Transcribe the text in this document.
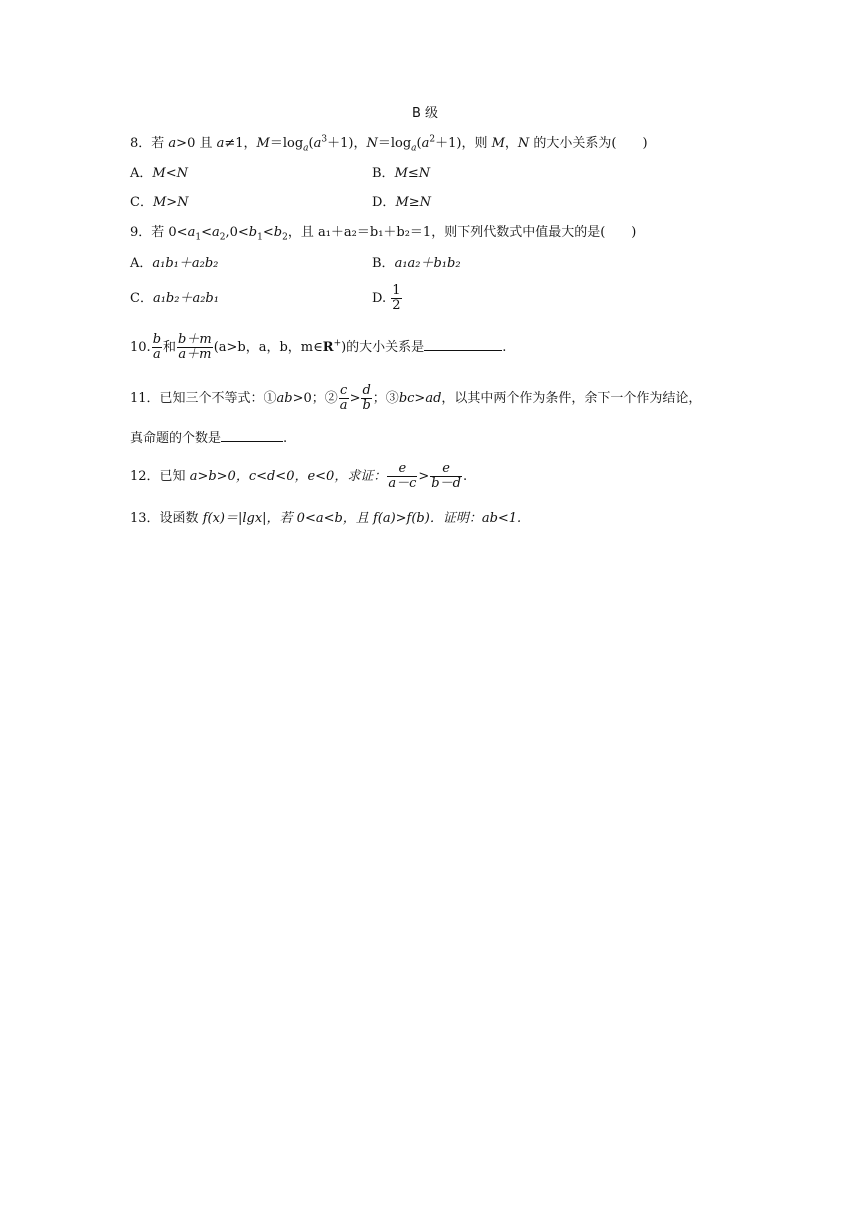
B 级
8．若 a>0 且 a≠1，$M=\log_a(a^3+1)$，$N=\log_a(a^2+1)$，则 M，N 的大小关系为(　　)
A．M<N	B．M≤N
C．M>N	D．M≥N
9．若 $0<a_1<a_2,0<b_1<b_2$，且 a₁＋a₂＝b₁＋b₂＝1，则下列代数式中值最大的是(　　)
A．a₁b₁＋a₂b₂	B．a₁a₂＋b₁b₂
C．a₁b₂＋a₂b₁	D. $\frac{1}{2}$
10. $\frac{b}{a}$ 和 $\frac{b+m}{a+m} (a>b$，a，b，m∈R+)的大小关系是	.
11．已知三个不等式：①ab>0；② $\frac{c}{a} > \frac{d}{b}$ ；③bc>ad，以其中两个作为条件，余下一个作为结论，
真命题的个数是	.
12．已知 a>b>0，c<d<0，e<0，求证： $\frac{e}{a-c} > \frac{e}{b-d}$ .
13．设函数 f(x)＝|lgx|，若 0<a<b，且 f(a)>f(b)．证明：ab<1.
